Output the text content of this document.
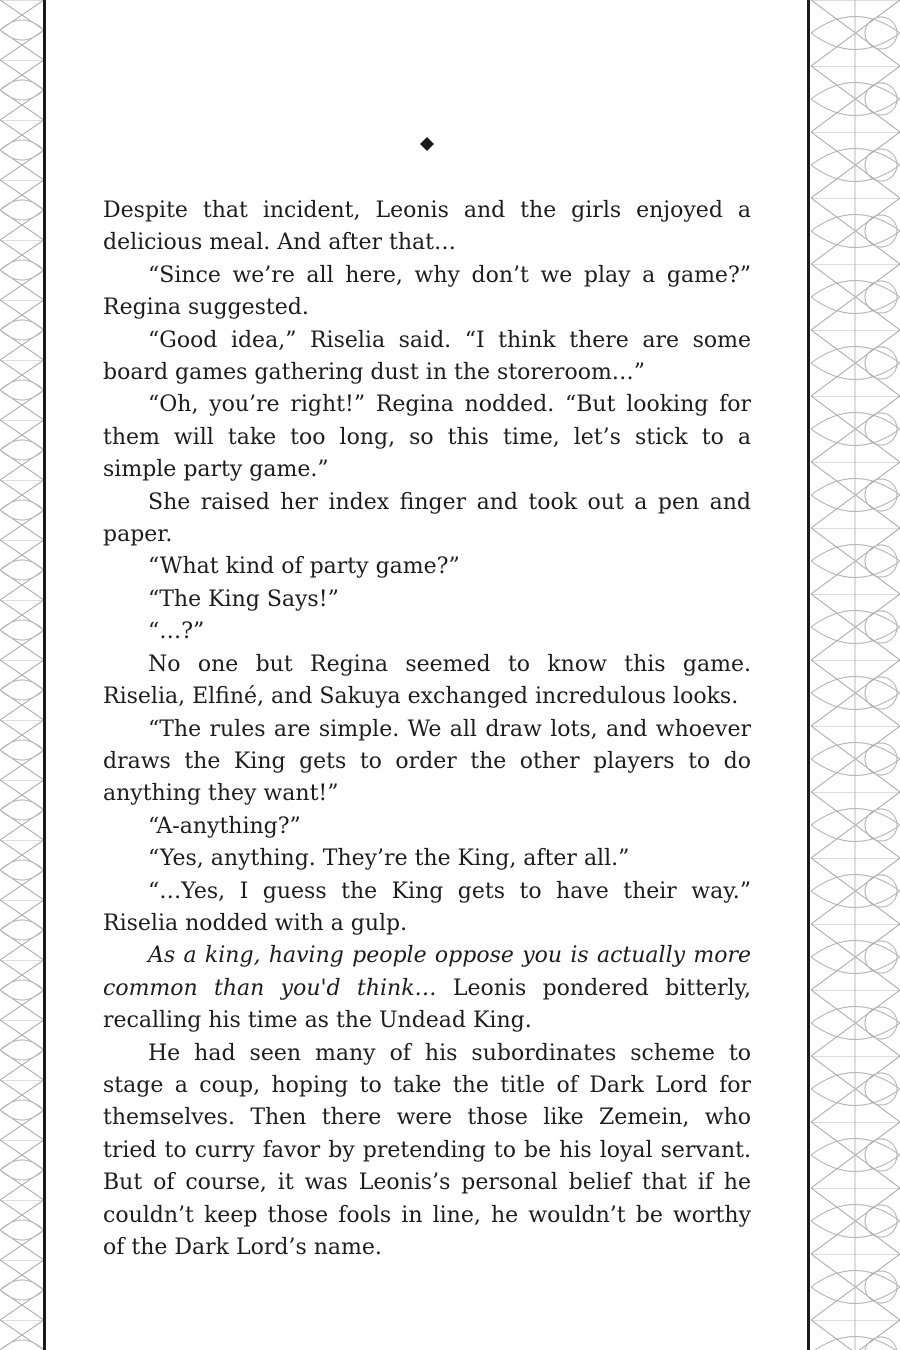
Despite that incident, Leonis and the girls enjoyed a delicious meal. And after that…

“Since we’re all here, why don’t we play a game?” Regina suggested.

“Good idea,” Riselia said. “I think there are some board games gathering dust in the storeroom…”

“Oh, you’re right!” Regina nodded. “But looking for them will take too long, so this time, let’s stick to a simple party game.”

She raised her index finger and took out a pen and paper.

“What kind of party game?”

“The King Says!”

“…?”

No one but Regina seemed to know this game. Riselia, Elfiné, and Sakuya exchanged incredulous looks.

“The rules are simple. We all draw lots, and whoever draws the King gets to order the other players to do anything they want!”

“A-anything?”

“Yes, anything. They’re the King, after all.”

“…Yes, I guess the King gets to have their way.” Riselia nodded with a gulp.

As a king, having people oppose you is actually more common than you'd think… Leonis pondered bitterly, recalling his time as the Undead King.

He had seen many of his subordinates scheme to stage a coup, hoping to take the title of Dark Lord for themselves. Then there were those like Zemein, who tried to curry favor by pretending to be his loyal servant. But of course, it was Leonis’s personal belief that if he couldn’t keep those fools in line, he wouldn’t be worthy of the Dark Lord’s name.
